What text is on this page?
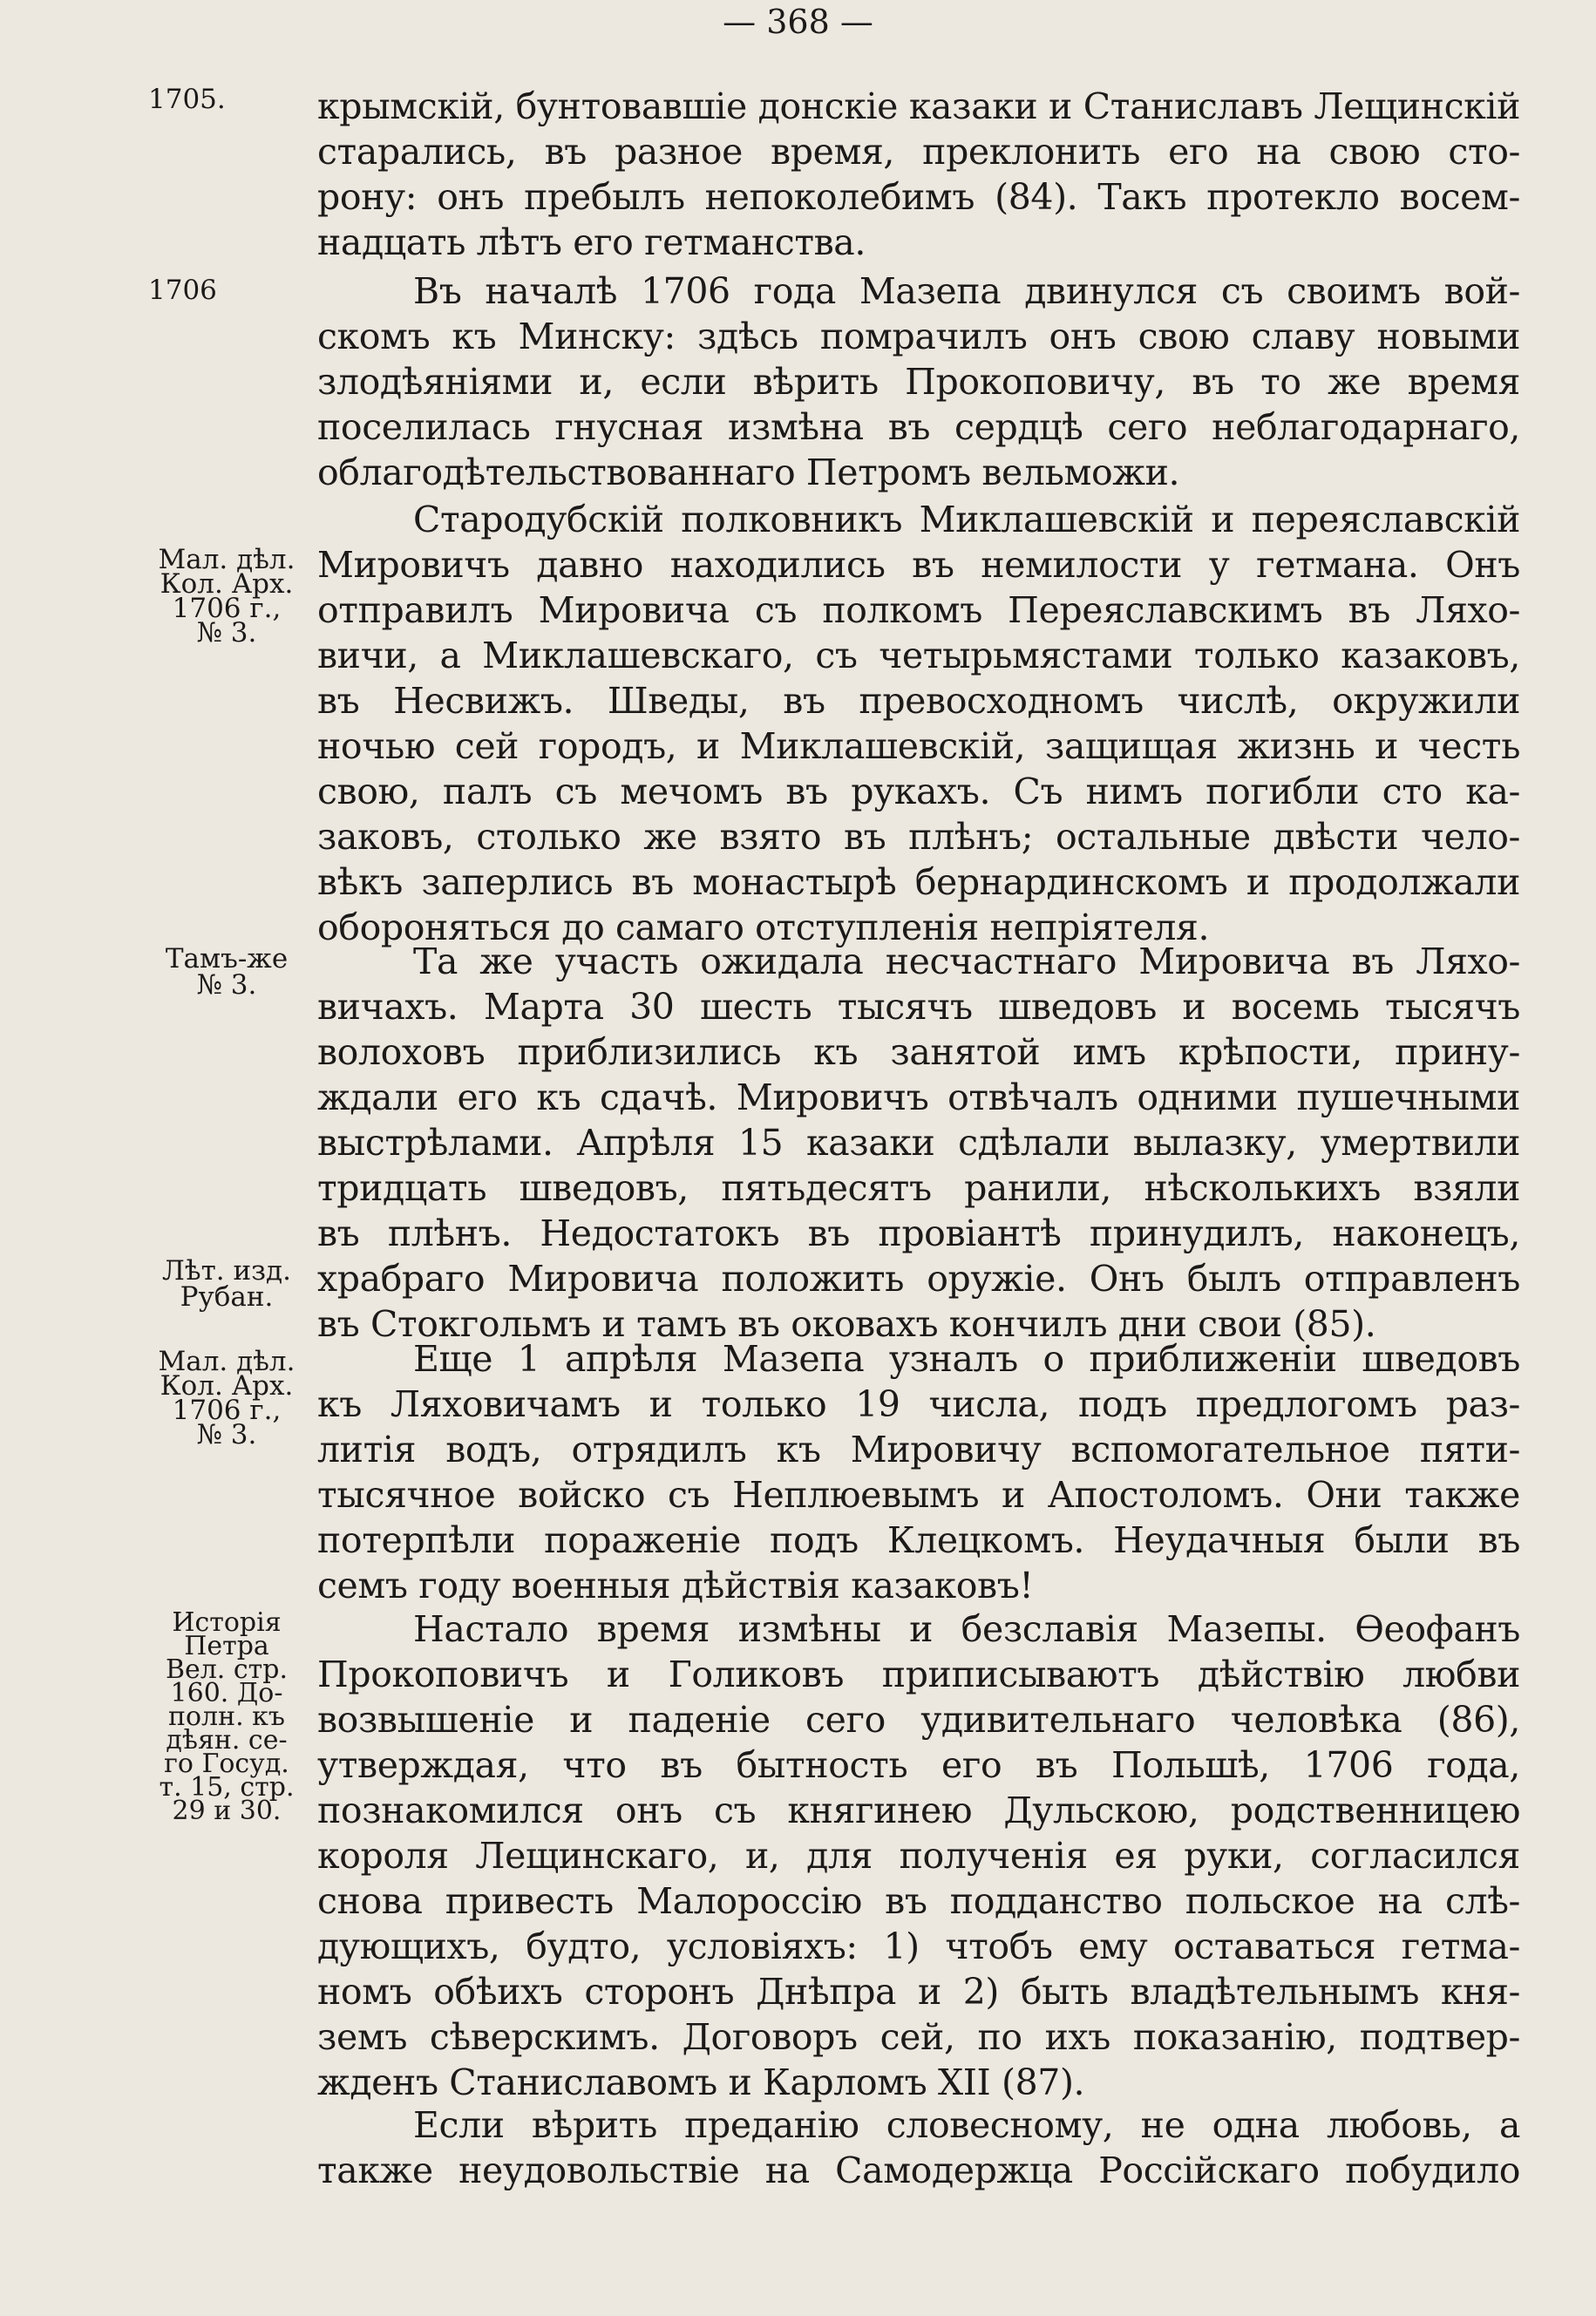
— 368 —
1705.
1706
Мал. дѣл.
Кол. Арх.
1706 г.,
№ 3.
Тамъ-же
№ 3.
Лѣт. изд.
Рубан.
Мал. дѣл.
Кол. Арх.
1706 г.,
№ 3.
Исторія
Петра
Вел. стр.
160. До-
полн. къ
дѣян. се-
го Госуд.
т. 15, стр.
29 и 30.
крымскій, бунтовавшіе донскіе казаки и Станиславъ Лещинскій
старались, въ разное время, преклонить его на свою сто-
рону: онъ пребылъ непоколебимъ (84). Такъ протекло восем-
надцать лѣтъ его гетманства.
Въ началѣ 1706 года Мазепа двинулся съ своимъ вой-
скомъ къ Минску: здѣсь помрачилъ онъ свою славу новыми
злодѣяніями и, если вѣрить Прокоповичу, въ то же время
поселилась гнусная измѣна въ сердцѣ сего неблагодарнаго,
облагодѣтельствованнаго Петромъ вельможи.
Стародубскій полковникъ Миклашевскій и переяславскій
Мировичъ давно находились въ немилости у гетмана. Онъ
отправилъ Мировича съ полкомъ Переяславскимъ въ Ляхо-
вичи, а Миклашевскаго, съ четырьмястами только казаковъ,
въ Несвижъ. Шведы, въ превосходномъ числѣ, окружили
ночью сей городъ, и Миклашевскій, защищая жизнь и честь
свою, палъ съ мечомъ въ рукахъ. Съ нимъ погибли сто ка-
заковъ, столько же взято въ плѣнъ; остальные двѣсти чело-
вѣкъ заперлись въ монастырѣ бернардинскомъ и продолжали
обороняться до самаго отступленія непріятеля.
Та же участь ожидала несчастнаго Мировича въ Ляхо-
вичахъ. Марта 30 шесть тысячъ шведовъ и восемь тысячъ
волоховъ приблизились къ занятой имъ крѣпости, прину-
ждали его къ сдачѣ. Мировичъ отвѣчалъ одними пушечными
выстрѣлами. Апрѣля 15 казаки сдѣлали вылазку, умертвили
тридцать шведовъ, пятьдесятъ ранили, нѣсколькихъ взяли
въ плѣнъ. Недостатокъ въ провіантѣ принудилъ, наконецъ,
храбраго Мировича положить оружіе. Онъ былъ отправленъ
въ Стокгольмъ и тамъ въ оковахъ кончилъ дни свои (85).
Еще 1 апрѣля Мазепа узналъ о приближеніи шведовъ
къ Ляховичамъ и только 19 числа, подъ предлогомъ раз-
литія водъ, отрядилъ къ Мировичу вспомогательное пяти-
тысячное войско съ Неплюевымъ и Апостоломъ. Они также
потерпѣли пораженіе подъ Клецкомъ. Неудачныя были въ
семъ году военныя дѣйствія казаковъ!
Настало время измѣны и безславія Мазепы. Ѳеофанъ
Прокоповичъ и Голиковъ приписываютъ дѣйствію любви
возвышеніе и паденіе сего удивительнаго человѣка (86),
утверждая, что въ бытность его въ Польшѣ, 1706 года,
познакомился онъ съ княгинею Дульскою, родственницею
короля Лещинскаго, и, для полученія ея руки, согласился
снова привесть Малороссію въ подданство польское на слѣ-
дующихъ, будто, условіяхъ: 1) чтобъ ему оставаться гетма-
номъ обѣихъ сторонъ Днѣпра и 2) быть владѣтельнымъ кня-
земъ сѣверскимъ. Договоръ сей, по ихъ показанію, подтвер-
жденъ Станиславомъ и Карломъ XII (87).
Если вѣрить преданію словесному, не одна любовь, а
также неудовольствіе на Самодержца Россійскаго побудило
